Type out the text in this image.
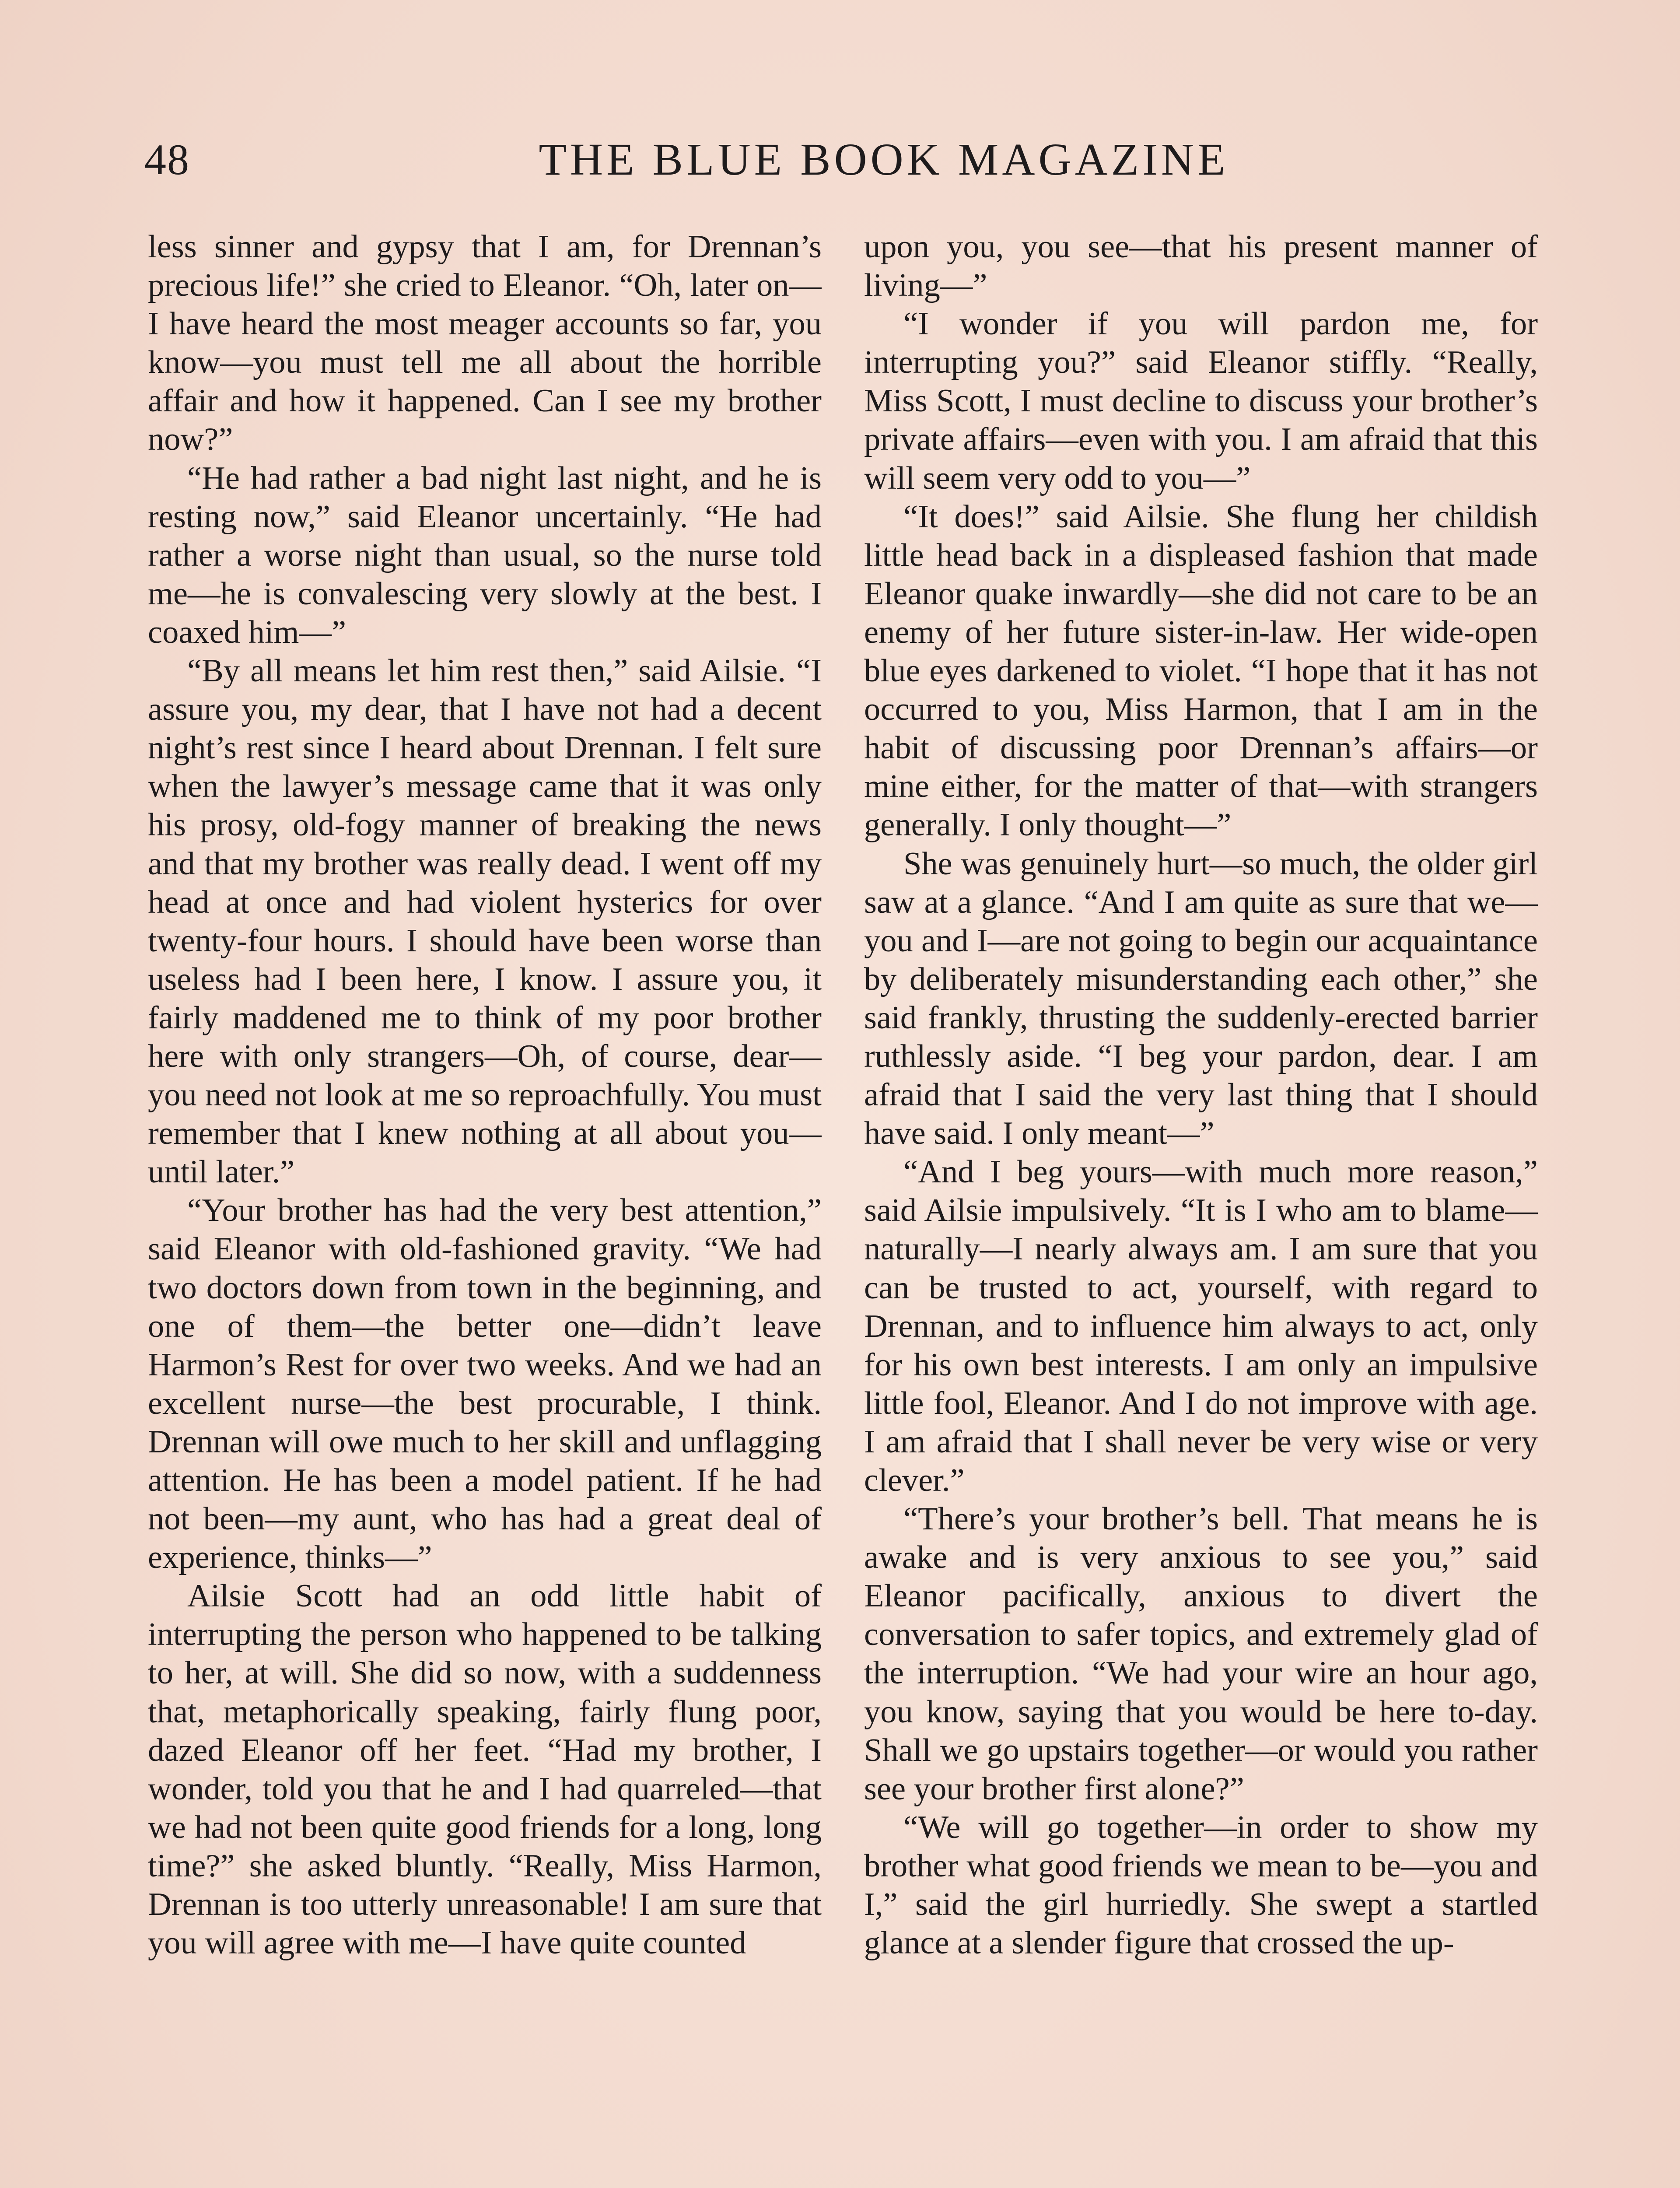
48	THE BLUE BOOK MAGAZINE

less sinner and gypsy that I am, for Drennan’s precious life!” she cried to Eleanor. “Oh, later on—I have heard the most meager accounts so far, you know—you must tell me all about the horrible affair and how it happened. Can I see my brother now?”

“He had rather a bad night last night, and he is resting now,” said Eleanor uncertainly. “He had rather a worse night than usual, so the nurse told me—he is convalescing very slowly at the best. I coaxed him—”

“By all means let him rest then,” said Ailsie. “I assure you, my dear, that I have not had a decent night’s rest since I heard about Drennan. I felt sure when the lawyer’s message came that it was only his prosy, old-fogy manner of breaking the news and that my brother was really dead. I went off my head at once and had violent hysterics for over twenty-four hours. I should have been worse than useless had I been here, I know. I assure you, it fairly maddened me to think of my poor brother here with only strangers—Oh, of course, dear—you need not look at me so reproachfully. You must remember that I knew nothing at all about you—until later.”

“Your brother has had the very best attention,” said Eleanor with old-fashioned gravity. “We had two doctors down from town in the beginning, and one of them—the better one—didn’t leave Harmon’s Rest for over two weeks. And we had an excellent nurse—the best procurable, I think. Drennan will owe much to her skill and unflagging attention. He has been a model patient. If he had not been—my aunt, who has had a great deal of experience, thinks—”

Ailsie Scott had an odd little habit of interrupting the person who happened to be talking to her, at will. She did so now, with a suddenness that, metaphorically speaking, fairly flung poor, dazed Eleanor off her feet. “Had my brother, I wonder, told you that he and I had quarreled—that we had not been quite good friends for a long, long time?” she asked bluntly. “Really, Miss Harmon, Drennan is too utterly unreasonable! I am sure that you will agree with me—I have quite counted

upon you, you see—that his present manner of living—”

“I wonder if you will pardon me, for interrupting you?” said Eleanor stiffly. “Really, Miss Scott, I must decline to discuss your brother’s private affairs—even with you. I am afraid that this will seem very odd to you—”

“It does!” said Ailsie. She flung her childish little head back in a displeased fashion that made Eleanor quake inwardly—she did not care to be an enemy of her future sister-in-law. Her wide-open blue eyes darkened to violet. “I hope that it has not occurred to you, Miss Harmon, that I am in the habit of discussing poor Drennan’s affairs—or mine either, for the matter of that—with strangers generally. I only thought—”

She was genuinely hurt—so much, the older girl saw at a glance. “And I am quite as sure that we—you and I—are not going to begin our acquaintance by deliberately misunderstanding each other,” she said frankly, thrusting the suddenly-erected barrier ruthlessly aside. “I beg your pardon, dear. I am afraid that I said the very last thing that I should have said. I only meant—”

“And I beg yours—with much more reason,” said Ailsie impulsively. “It is I who am to blame—naturally—I nearly always am. I am sure that you can be trusted to act, yourself, with regard to Drennan, and to influence him always to act, only for his own best interests. I am only an impulsive little fool, Eleanor. And I do not improve with age. I am afraid that I shall never be very wise or very clever.”

“There’s your brother’s bell. That means he is awake and is very anxious to see you,” said Eleanor pacifically, anxious to divert the conversation to safer topics, and extremely glad of the interruption. “We had your wire an hour ago, you know, saying that you would be here to-day. Shall we go upstairs together—or would you rather see your brother first alone?”

“We will go together—in order to show my brother what good friends we mean to be—you and I,” said the girl hurriedly. She swept a startled glance at a slender figure that crossed the up-
